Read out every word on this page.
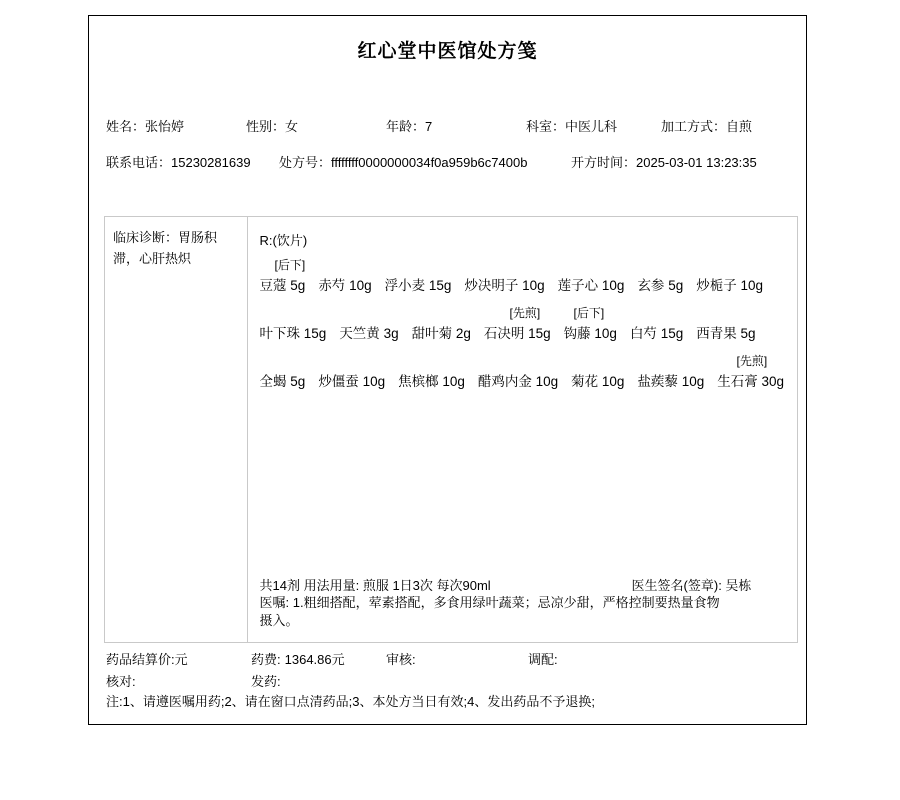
红心堂中医馆处方笺
姓名：张怡婷	性别：女	年龄：7	科室：中医儿科	加工方式：自煎
联系电话：15230281639 处方号：ffffffff0000000034f0a959b6c7400b	开方时间：2025-03-01 13:23:35
临床诊断：胃肠积滞，心肝热炽
R:(饮片)
[后下]
豆蔻 5g 赤芍 10g 浮小麦 15g 炒决明子 10g 莲子心 10g 玄参 5g 炒栀子 10g
[先煎]	[后下]
叶下珠 15g 天竺黄 3g 甜叶菊 2g 石决明 15g 钩藤 10g 白芍 15g 西青果 5g
[先煎]
全蝎 5g 炒僵蚕 10g 焦槟榔 10g 醋鸡内金 10g 菊花 10g 盐蒺藜 10g 生石膏 30g
共14剂 用法用量: 煎服 1日3次 每次90ml	医生签名(签章): 吴栋
医嘱: 1.粗细搭配，荤素搭配，多食用绿叶蔬菜；忌凉少甜，严格控制要热量食物摄入。
药品结算价:元	药费: 1364.86元	审核:	调配:
核对:	发药:
注:1、请遵医嘱用药;2、请在窗口点清药品;3、本处方当日有效;4、发出药品不予退换;
